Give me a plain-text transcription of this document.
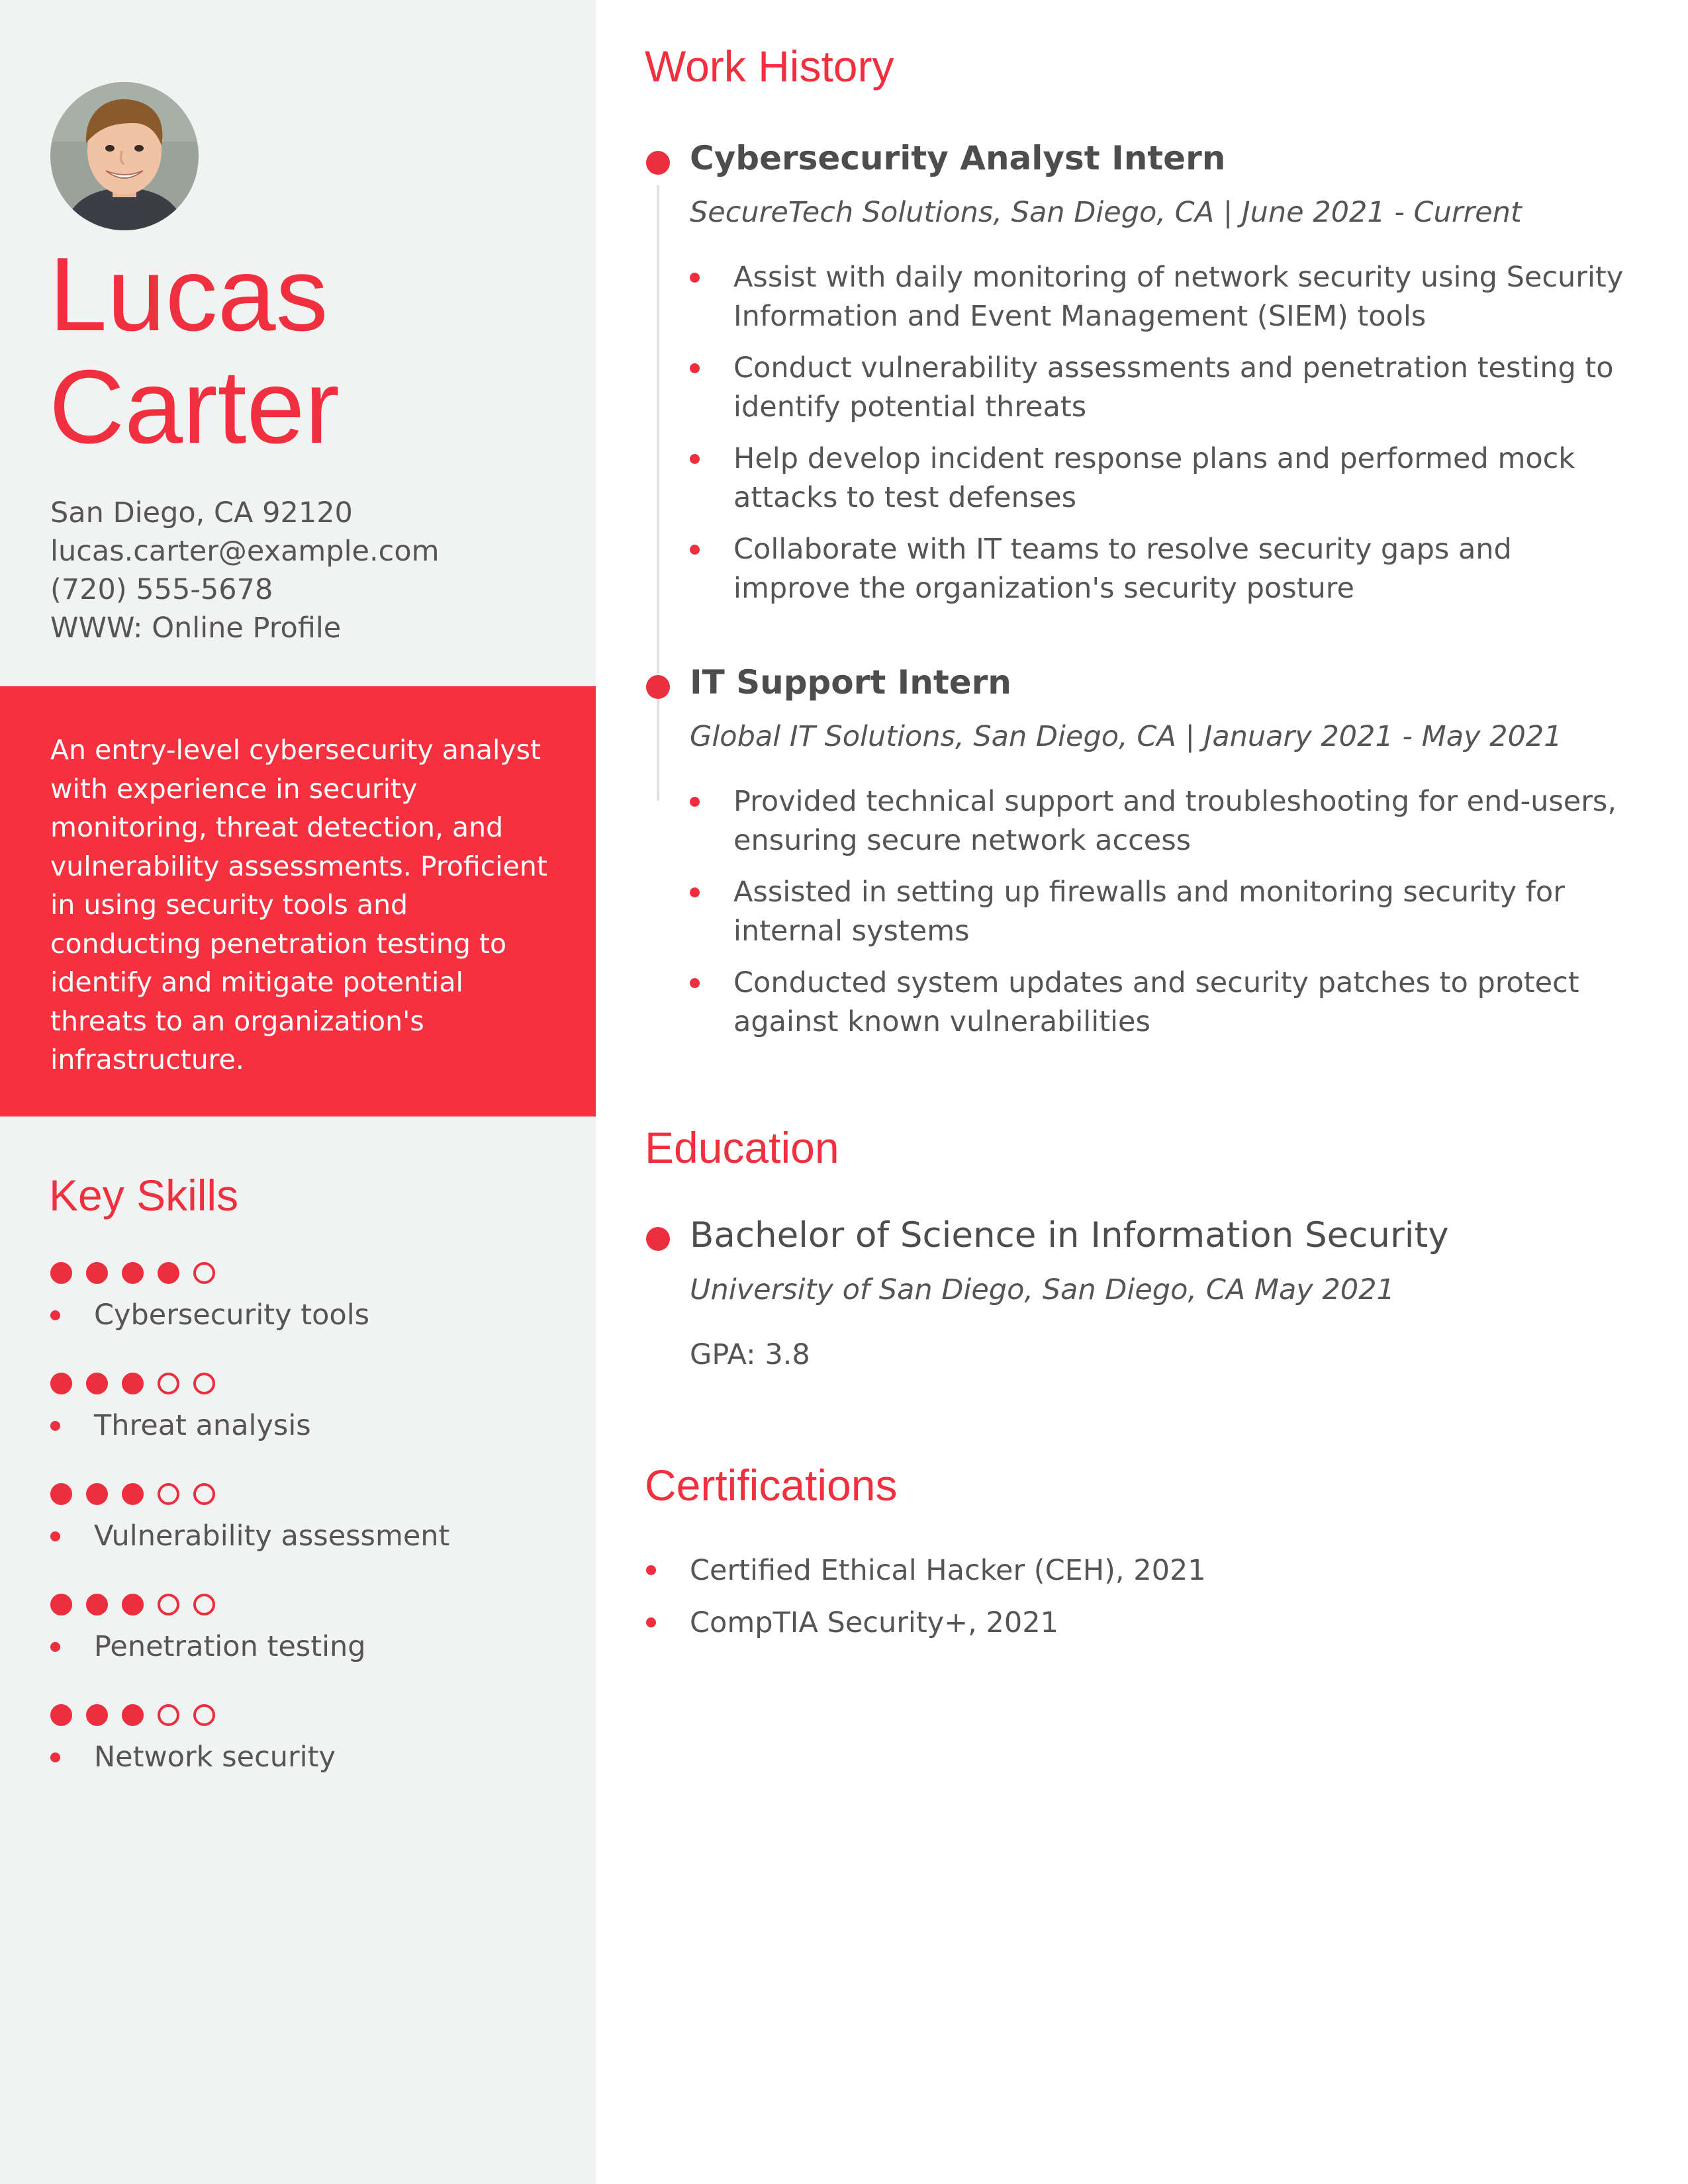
Lucas
Carter
San Diego, CA 92120
lucas.carter@example.com
(720) 555-5678
WWW: Online Profile
An entry-level cybersecurity analyst with experience in security monitoring, threat detection, and vulnerability assessments. Proficient in using security tools and conducting penetration testing to identify and mitigate potential threats to an organization's infrastructure.
Key Skills
Cybersecurity tools
Threat analysis
Vulnerability assessment
Penetration testing
Network security
Work History
Cybersecurity Analyst Intern
SecureTech Solutions, San Diego, CA | June 2021 - Current
Assist with daily monitoring of network security using Security Information and Event Management (SIEM) tools
Conduct vulnerability assessments and penetration testing to identify potential threats
Help develop incident response plans and performed mock attacks to test defenses
Collaborate with IT teams to resolve security gaps and improve the organization's security posture
IT Support Intern
Global IT Solutions, San Diego, CA | January 2021 - May 2021
Provided technical support and troubleshooting for end-users, ensuring secure network access
Assisted in setting up firewalls and monitoring security for internal systems
Conducted system updates and security patches to protect against known vulnerabilities
Education
Bachelor of Science in Information Security
University of San Diego, San Diego, CA May 2021
GPA: 3.8
Certifications
Certified Ethical Hacker (CEH), 2021
CompTIA Security+, 2021
